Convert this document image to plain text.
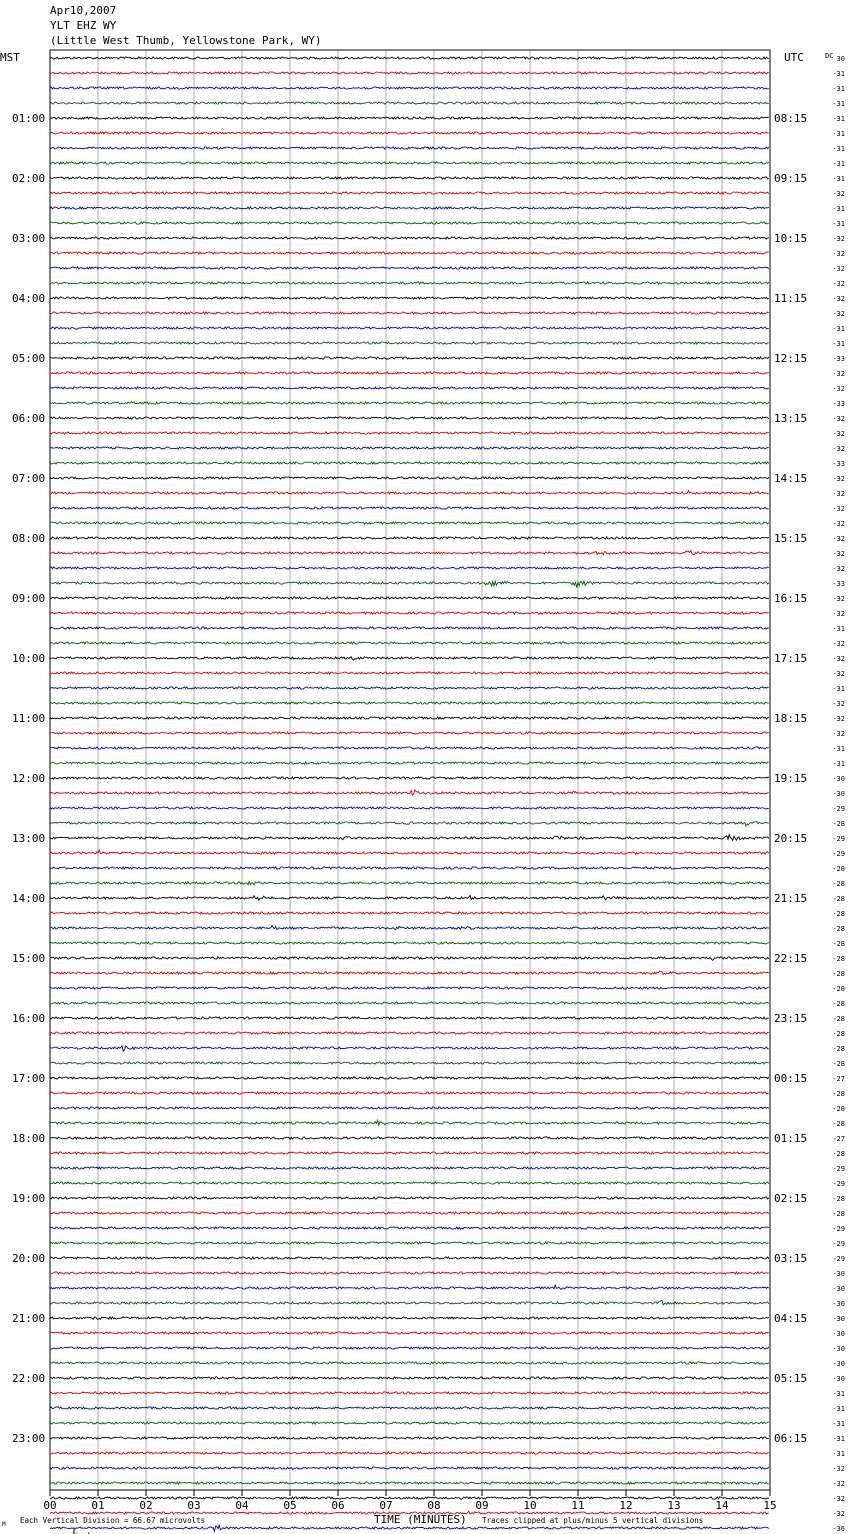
Apr10,2007
YLT EHZ WY
(Little West Thumb, Yellowstone Park, WY)
01:00
02:00
03:00
04:00
05:00
06:00
07:00
08:00
09:00
10:00
11:00
12:00
13:00
14:00
15:00
16:00
17:00
18:00
19:00
20:00
21:00
22:00
23:00
08:15
09:15
10:15
11:15
12:15
13:15
14:15
15:15
16:15
17:15
18:15
19:15
20:15
21:15
22:15
23:15
00:15
01:15
02:15
03:15
04:15
05:15
06:15
30
-31
-31
-31
-31
-31
-31
-31
-31
-32
-31
-31
-32
-32
-32
-32
-32
-32
-31
-31
-33
-32
-32
-33
-32
-32
-32
-33
-32
-32
-32
-32
-32
-32
-32
-33
-32
-32
-31
-32
-32
-32
-31
-32
-32
-32
-31
-31
-30
-30
-29
-28
-29
-29
-28
-28
-28
-28
-28
-28
-28
-28
-28
-28
-28
-28
-28
-28
-27
-28
-28
-28
-27
-28
-29
-29
-28
-28
-29
-29
-29
-30
-30
-30
-30
-30
-30
-30
-30
-31
-31
-31
-31
-31
-32
-32
-32
-32
-36
00	01	02	03	04	05	06	07	08	09	10	11	12	13	14	15
MST	UTC	DC
TIME (MINUTES)
Each Vertical Division = 66.67 microvolts	Traces clipped at plus/minus 5 vertical divisions
M
